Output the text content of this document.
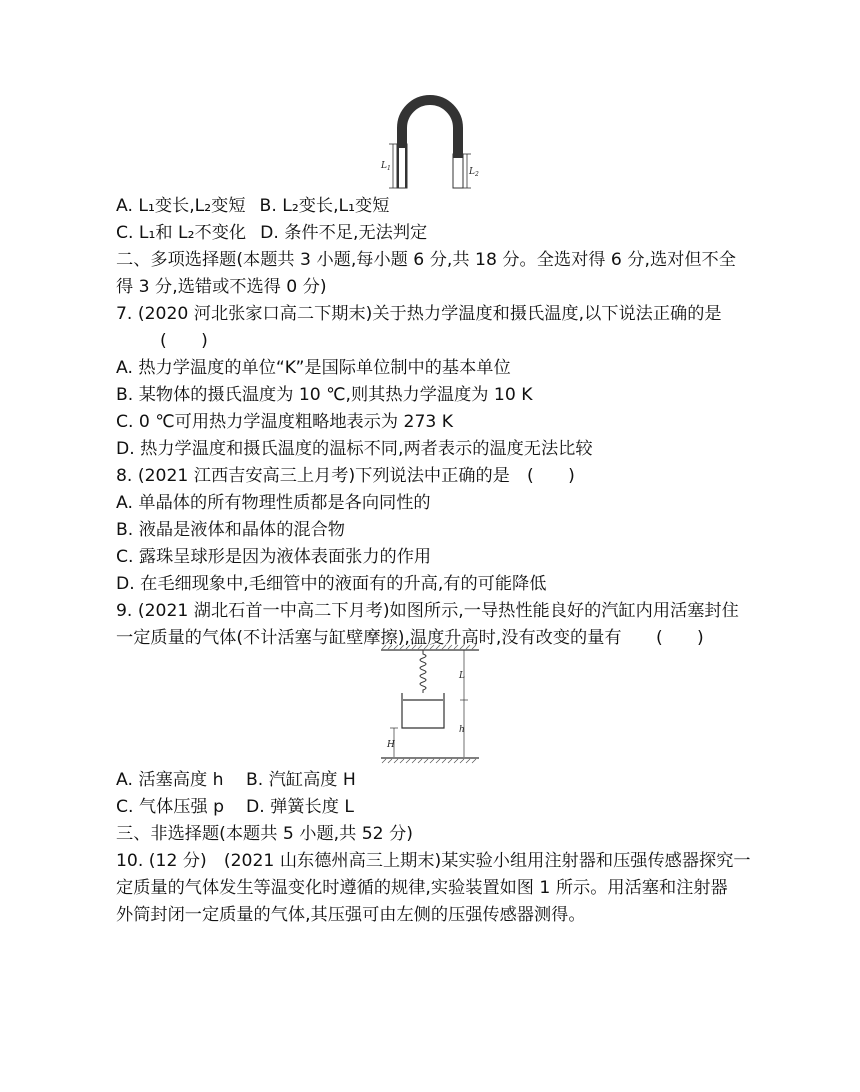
$L_1$	$L_2$
A. L₁变长,L₂变短 B. L₂变长,L₁变短
C. L₁和 L₂不变化 D. 条件不足,无法判定
二、多项选择题(本题共 3 小题,每小题 6 分,共 18 分。全选对得 6 分,选对但不全
得 3 分,选错或不选得 0 分)
7. (2020 河北张家口高二下期末)关于热力学温度和摄氏温度,以下说法正确的是
(　　)
A. 热力学温度的单位“K”是国际单位制中的基本单位
B. 某物体的摄氏温度为 10 ℃,则其热力学温度为 10 K
C. 0 ℃可用热力学温度粗略地表示为 273 K
D. 热力学温度和摄氏温度的温标不同,两者表示的温度无法比较
8. (2021 江西吉安高三上月考)下列说法中正确的是　(　　)
A. 单晶体的所有物理性质都是各向同性的
B. 液晶是液体和晶体的混合物
C. 露珠呈球形是因为液体表面张力的作用
D. 在毛细现象中,毛细管中的液面有的升高,有的可能降低
9. (2021 湖北石首一中高二下月考)如图所示,一导热性能良好的汽缸内用活塞封住
一定质量的气体(不计活塞与缸壁摩擦),温度升高时,没有改变的量有　　(　　)
L
h
H
A. 活塞高度 h B. 汽缸高度 H
C. 气体压强 p D. 弹簧长度 L
三、非选择题(本题共 5 小题,共 52 分)
10. (12 分)　(2021 山东德州高三上期末)某实验小组用注射器和压强传感器探究一
定质量的气体发生等温变化时遵循的规律,实验装置如图 1 所示。用活塞和注射器
外筒封闭一定质量的气体,其压强可由左侧的压强传感器测得。
